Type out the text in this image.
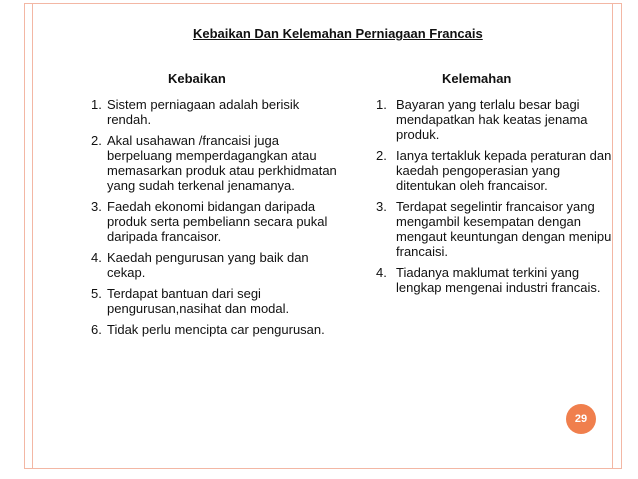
Kebaikan Dan Kelemahan Perniagaan Francais
Kebaikan	Kelemahan
1. Sistem perniagaan adalah berisik rendah.
2. Akal usahawan /francaisi juga berpeluang memperdagangkan atau memasarkan produk atau perkhidmatan yang sudah terkenal jenamanya.
3. Faedah ekonomi bidangan daripada produk serta pembeliann secara pukal daripada francaisor.
4. Kaedah pengurusan yang baik dan cekap.
5. Terdapat bantuan dari segi pengurusan,nasihat dan modal.
6. Tidak perlu mencipta car pengurusan.
1. Bayaran yang terlalu besar bagi mendapatkan hak keatas jenama produk.
2. Ianya tertakluk kepada peraturan dan kaedah pengoperasian yang ditentukan oleh francaisor.
3. Terdapat segelintir francaisor yang mengambil kesempatan dengan mengaut keuntungan dengan menipu francaisi.
4. Tiadanya maklumat terkini yang lengkap mengenai industri francais.
29
